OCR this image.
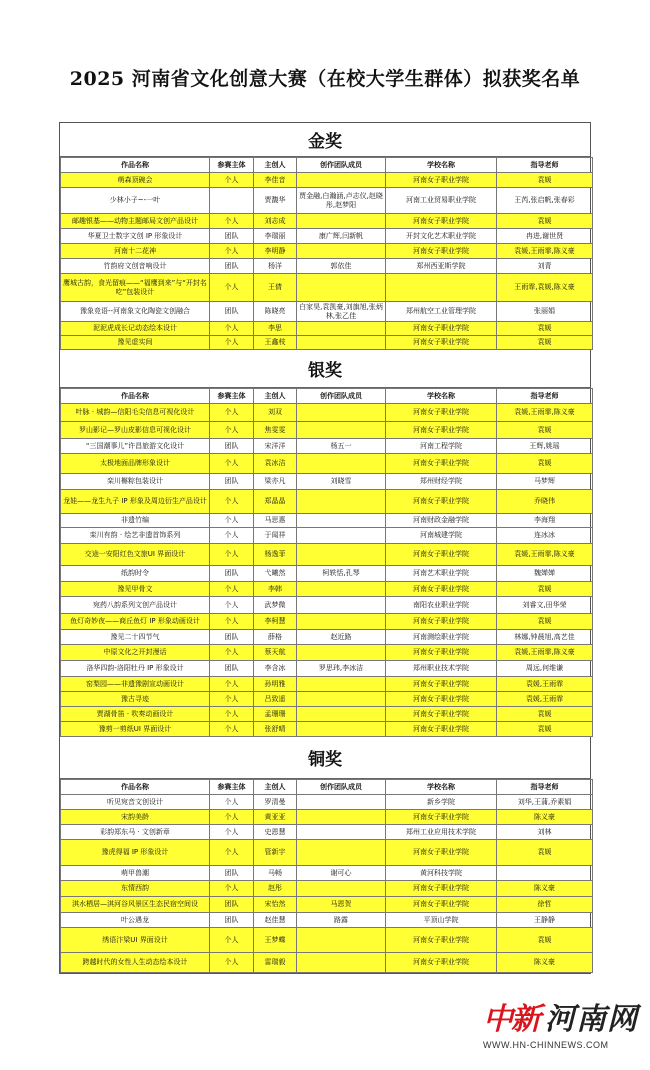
2025 河南省文化创意大赛（在校大学生群体）拟获奖名单
金奖
作品名称	参赛主体	主创人	创作团队成员	学校名称	指导老师
萌森顶碗会	个人	李佳音		河南女子职业学院	袁媛
少林小子~-一叶		贾馥华	贾金融,白瀚涵,卢志仪,赵晓彤,赵梦阳	河南工业贸易职业学院	王芮,张启帆,张春彩
邮趣银基——动物主题邮局文创产品设计	个人	刘志成		河南女子职业学院	袁媛
华夏卫士数字文创 IP 形象设计	团队	李瑞丽	康广辉,闫新帆	开封文化艺术职业学院	冉进,谢世贤
河南十二花神	个人	李明静		河南女子职业学院	袁媛,王雨霏,陈义豪
竹韵府文创音响设计	团队	杨洋	郭依佳	郑州西亚斯学院	刘青
鹰城古韵，食光留痕——“福鹰到来”与“开封名吃”包装设计	个人	王倩			王雨霏,袁媛,陈义豪
豫象竞语--河南象文化陶瓷文创融合	团队	陈晓亮	白家昊,袁凯豪,刘旗旭,张炳林,张乙佳	郑州航空工业管理学院	张丽娟
泥泥虎成长记动态绘本设计	个人	李思		河南女子职业学院	袁媛
豫见虚实间	个人	王鑫枝		河南女子职业学院	袁媛
银奖
作品名称	参赛主体	主创人	创作团队成员	学校名称	指导老师
叶脉 · 城韵—信阳毛尖信息可视化设计	个人	刘双		河南女子职业学院	袁媛,王雨霏,陈义豪
罗山影记—罗山皮影信息可视化设计	个人	焦雯雯		河南女子职业学院	袁媛
“三国潮事儿”许昌旅游文化设计	团队	宋洋洋	杨五一	河南工程学院	王辉,姚瑶
太极地面品牌形象设计	个人	袁冰洁		河南女子职业学院	袁媛
栾川槲粽包装设计	团队	梁亦凡	刘晓雪	郑州财经学院	马梦辉
龙娃——龙生九子 IP 形象及周边衍生产品设计	个人	郑晶晶		河南女子职业学院	乔晓伟
非遗竹编	个人	马思惠		河南财政金融学院	李海翔
栾川有韵 · 绘艺非遗首饰系列	个人	于闻祥		河南城建学院	连冰冰
交途一安阳红色文旅UI 界面设计	个人	杨逸菲		河南女子职业学院	袁媛,王雨霏,陈义豪
纸韵时令	团队	弋曦然	柯轶恬,孔琴	河南艺术职业学院	魏婵婵
豫见甲骨文	个人	李韩		河南女子职业学院	袁媛
宛药八韵系列文创产品设计	个人	武梦微		南阳农业职业学院	刘睿文,田华荣
鱼灯奇妙夜——商丘鱼灯 IP 形象动画设计	个人	李柯慧		河南女子职业学院	袁媛
豫见二十四节气	团队	薛格	赵近路	河南测绘职业学院	林娜,钟晨旭,高艺佳
中原文化之开封漫话	个人	蔡天航		河南女子职业学院	袁媛,王雨霏,陈义豪
洛华四韵-洛阳牡丹 IP 形象设计	团队	李含冰	罗思玮,李冰洁	郑州职业技术学院	周远,何维谦
窑梨园——非遗豫剧宣动画设计	个人	孙明雅		河南女子职业学院	袁媛,王雨霏
豫古寻迹	个人	吕致遥		河南女子职业学院	袁媛,王雨霏
贾湖骨笛 · 吹奏动画设计	个人	孟珊珊		河南女子职业学院	袁媛
豫剪一剪纸UI 界面设计	个人	张舒晴		河南女子职业学院	袁媛
铜奖
作品名称	参赛主体	主创人	创作团队成员	学校名称	指导老师
听见宛音文创设计	个人	罗清曼		新乡学院	刘华,王蒲,乔素娟
宋韵美龄	个人	黄亚亚		河南女子职业学院	陈义豪
彩韵郑东马 · 文创新章	个人	史恩慧		郑州工业应用技术学院	刘林
豫虎得福 IP 形象设计	个人	管新宇		河南女子职业学院	袁媛
萌甲兽潮	团队	马畅	谢可心	黄河科技学院	
东情西韵	个人	赵彤		河南女子职业学院	陈义豪
淇水栖居—淇河谷风景区生态民宿空间设	团队	宋怡然	马恩贺	河南女子职业学院	徐哲
叶公遇龙	团队	赵佳慧	路露	平顶山学院	王静静
绣语汴梁UI 界面设计	个人	王梦蝶		河南女子职业学院	袁媛
跨越时代的女性人生动态绘本设计	个人	雷瑞毅		河南女子职业学院	陈义豪
中新 河南网
WWW.HN-CHINNEWS.COM
